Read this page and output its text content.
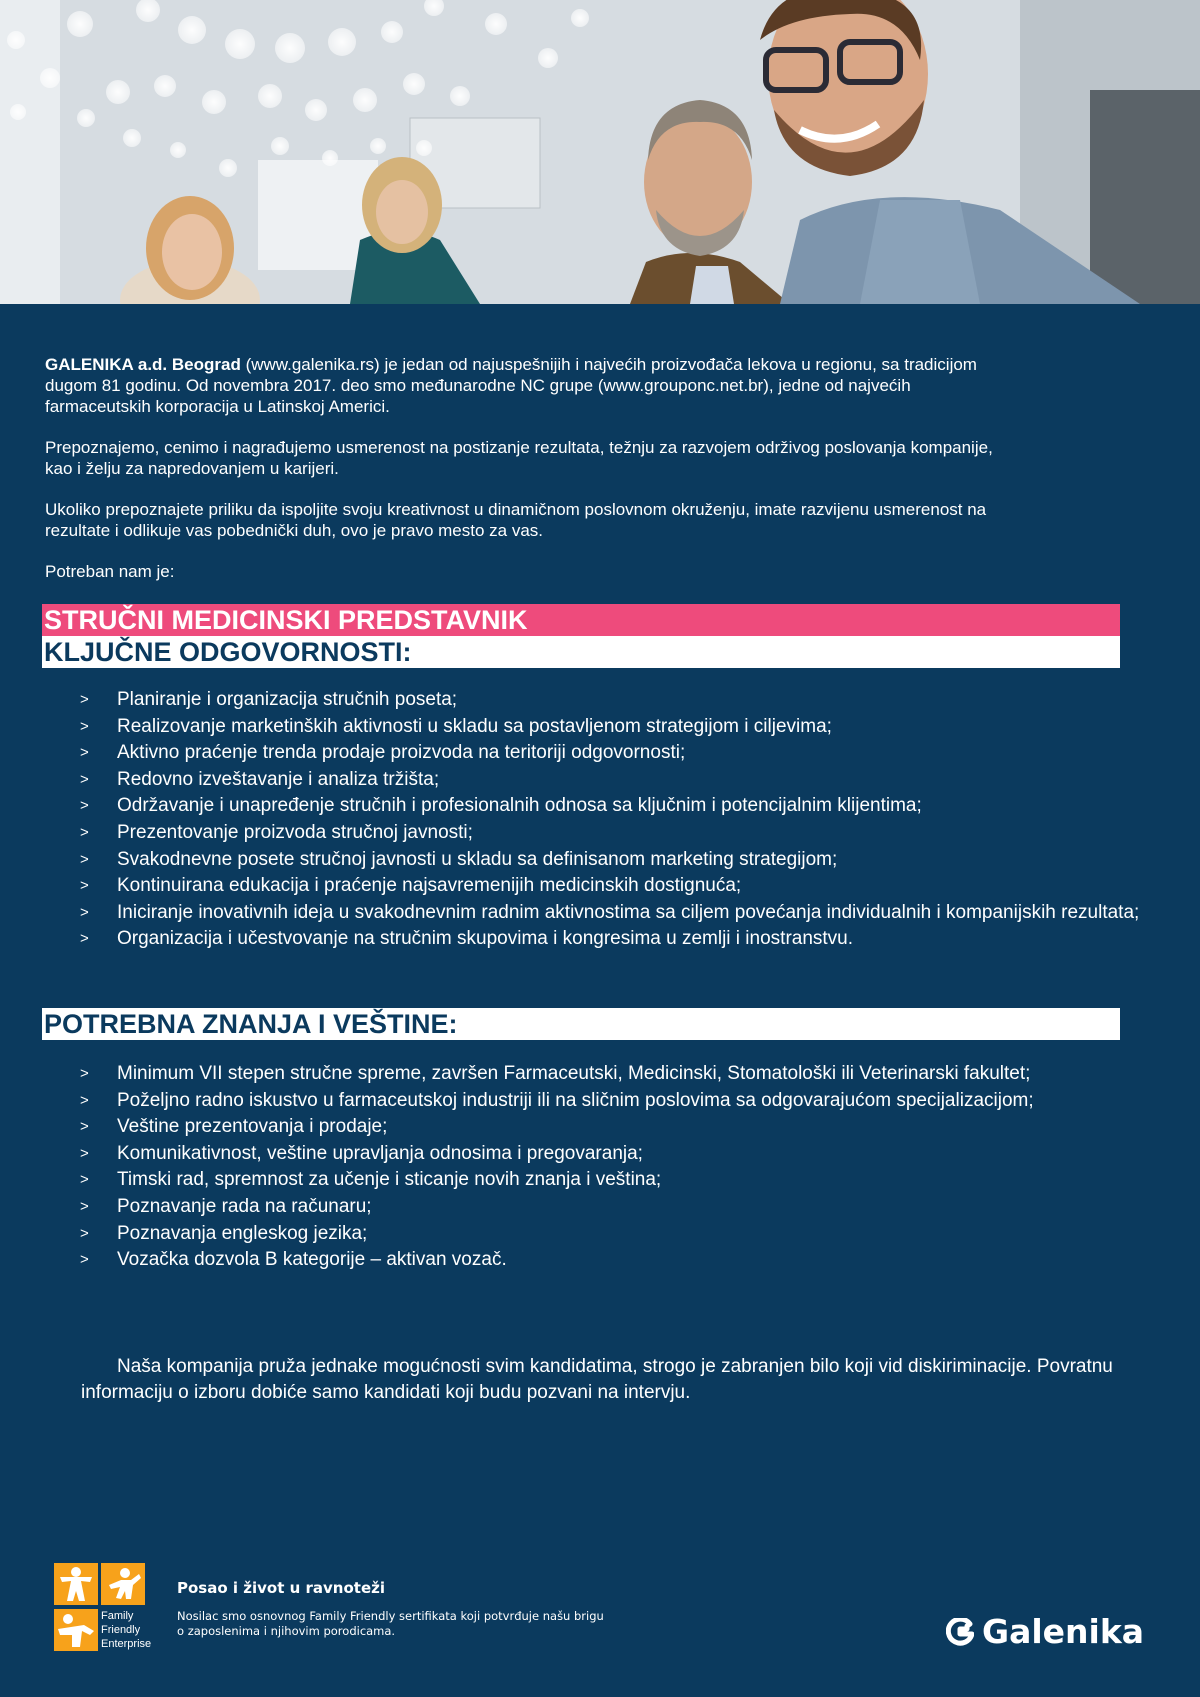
GALENIKA a.d. Beograd (www.galenika.rs) je jedan od najuspešnijih i najvećih proizvođača lekova u regionu, sa tradicijom dugom 81 godinu. Od novembra 2017. deo smo međunarodne NC grupe (www.grouponc.net.br), jedne od najvećih farmaceutskih korporacija u Latinskoj Americi.

Prepoznajemo, cenimo i nagrađujemo usmerenost na postizanje rezultata, težnju za razvojem održivog poslovanja kompanije, kao i želju za napredovanjem u karijeri.

Ukoliko prepoznajete priliku da ispoljite svoju kreativnost u dinamičnom poslovnom okruženju, imate razvijenu usmerenost na rezultate i odlikuje vas pobednički duh, ovo je pravo mesto za vas.

Potreban nam je:

STRUČNI MEDICINSKI PREDSTAVNIK
KLJUČNE ODGOVORNOSTI:
> Planiranje i organizacija stručnih poseta;
> Realizovanje marketinških aktivnosti u skladu sa postavljenom strategijom i ciljevima;
> Aktivno praćenje trenda prodaje proizvoda na teritoriji odgovornosti;
> Redovno izveštavanje i analiza tržišta;
> Održavanje i unapređenje stručnih i profesionalnih odnosa sa ključnim i potencijalnim klijentima;
> Prezentovanje proizvoda stručnoj javnosti;
> Svakodnevne posete stručnoj javnosti u skladu sa definisanom marketing strategijom;
> Kontinuirana edukacija i praćenje najsavremenijih medicinskih dostignuća;
> Iniciranje inovativnih ideja u svakodnevnim radnim aktivnostima sa ciljem povećanja individualnih i kompanijskih rezultata;
> Organizacija i učestvovanje na stručnim skupovima i kongresima u zemlji i inostranstvu.
POTREBNA ZNANJA I VEŠTINE:
> Minimum VII stepen stručne spreme, završen Farmaceutski, Medicinski, Stomatološki ili Veterinarski fakultet;
> Poželjno radno iskustvo u farmaceutskoj industriji ili na sličnim poslovima sa odgovarajućom specijalizacijom;
> Veštine prezentovanja i prodaje;
> Komunikativnost, veštine upravljanja odnosima i pregovaranja;
> Timski rad, spremnost za učenje i sticanje novih znanja i veština;
> Poznavanje rada na računaru;
> Poznavanja engleskog jezika;
> Vozačka dozvola B kategorije – aktivan vozač.

Naša kompanija pruža jednake mogućnosti svim kandidatima, strogo je zabranjen bilo koji vid diskiriminacije. Povratnu informaciju o izboru dobiće samo kandidati koji budu pozvani na intervju.

Family
Friendly
Enterprise
Posao i život u ravnoteži
Nosilac smo osnovnog Family Friendly sertifikata koji potvrđuje našu brigu
o zaposlenima i njihovim porodicama.	Galenika
